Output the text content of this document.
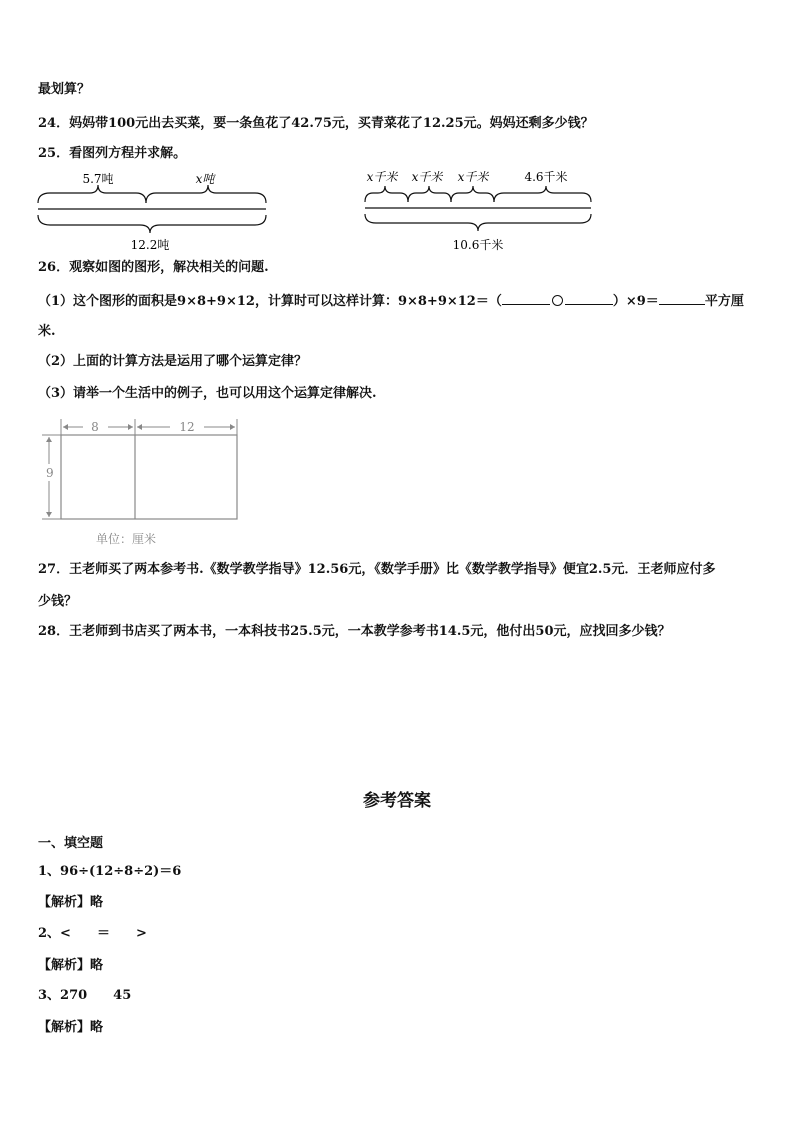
最划算？
24．妈妈带100元出去买菜，要一条鱼花了42.75元，买青菜花了12.25元。妈妈还剩多少钱？
25．看图列方程并求解。
5.7吨	x吨
12.2吨
x千米 x千米 x千米	4.6千米
10.6千米
26．观察如图的图形，解决相关的问题.
（1）这个图形的面积是9×8+9×12，计算时可以这样计算：9×8+9×12＝（	）×9＝	平方厘
米.
（2）上面的计算方法是运用了哪个运算定律？
（3）请举一个生活中的例子，也可以用这个运算定律解决.
8	12
9
单位：厘米
27．王老师买了两本参考书.《数学教学指导》12.56元，《数学手册》比《数学教学指导》便宜2.5元．王老师应付多
少钱？
28．王老师到书店买了两本书，一本科技书25.5元，一本教学参考书14.5元，他付出50元，应找回多少钱？
参考答案
一、填空题
1、96÷(12÷8÷2)＝6
【解析】略
2、<　　＝　　>
【解析】略
3、270　　45
【解析】略
